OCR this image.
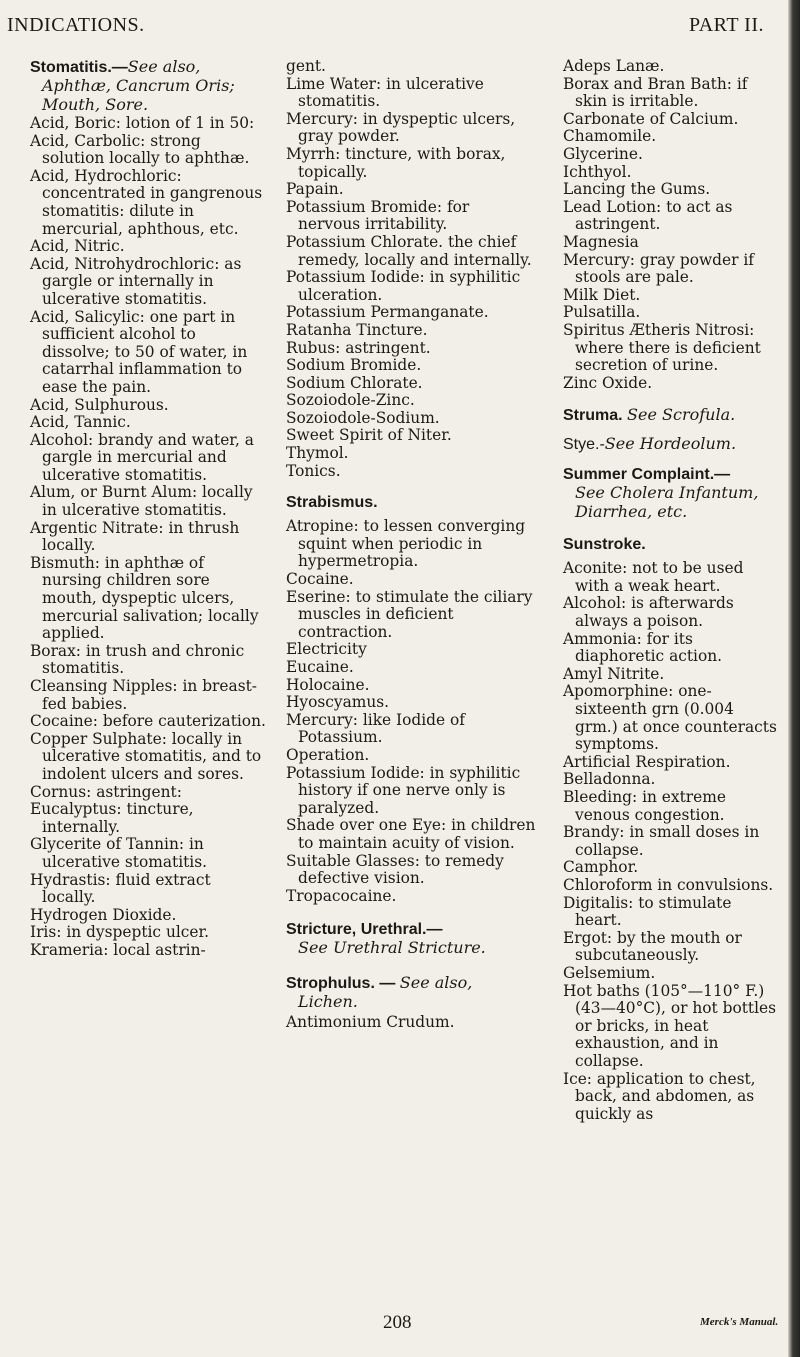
INDICATIONS.	PART II.
Stomatitis.—See also, Aphthæ, Cancrum Oris; Mouth, Sore.
Acid, Boric: lotion of 1 in 50:
Acid, Carbolic: strong solution locally to aphthæ.
Acid, Hydrochloric: concentrated in gangrenous stomatitis: dilute in mercurial, aphthous, etc.
Acid, Nitric.
Acid, Nitrohydrochloric: as gargle or internally in ulcerative stomatitis.
Acid, Salicylic: one part in sufficient alcohol to dissolve; to 50 of water, in catarrhal inflammation to ease the pain.
Acid, Sulphurous.
Acid, Tannic.
Alcohol: brandy and water, a gargle in mercurial and ulcerative stomatitis.
Alum, or Burnt Alum: locally in ulcerative stomatitis.
Argentic Nitrate: in thrush locally.
Bismuth: in aphthæ of nursing children sore mouth, dyspeptic ulcers, mercurial salivation; locally applied.
Borax: in trush and chronic stomatitis.
Cleansing Nipples: in breast-fed babies.
Cocaine: before cauterization.
Copper Sulphate: locally in ulcerative stomatitis, and to indolent ulcers and sores.
Cornus: astringent:
Eucalyptus: tincture, internally.
Glycerite of Tannin: in ulcerative stomatitis.
Hydrastis: fluid extract locally.
Hydrogen Dioxide.
Iris: in dyspeptic ulcer.
Krameria: local astrin-
gent.
Lime Water: in ulcerative stomatitis.
Mercury: in dyspeptic ulcers, gray powder.
Myrrh: tincture, with borax, topically.
Papain.
Potassium Bromide: for nervous irritability.
Potassium Chlorate. the chief remedy, locally and internally.
Potassium Iodide: in syphilitic ulceration.
Potassium Permanganate.
Ratanha Tincture.
Rubus: astringent.
Sodium Bromide.
Sodium Chlorate.
Sozoiodole-Zinc.
Sozoiodole-Sodium.
Sweet Spirit of Niter.
Thymol.
Tonics.
Strabismus.
Atropine: to lessen converging squint when periodic in hypermetropia.
Cocaine.
Eserine: to stimulate the ciliary muscles in deficient contraction.
Electricity
Eucaine.
Holocaine.
Hyoscyamus.
Mercury: like Iodide of Potassium.
Operation.
Potassium Iodide: in syphilitic history if one nerve only is paralyzed.
Shade over one Eye: in children to maintain acuity of vision.
Suitable Glasses: to remedy defective vision.
Tropacocaine.
Stricture, Urethral.—
See Urethral Stricture.
Strophulus. — See also, Lichen.
Antimonium Crudum.
Adeps Lanæ.
Borax and Bran Bath: if skin is irritable.
Carbonate of Calcium.
Chamomile.
Glycerine.
Ichthyol.
Lancing the Gums.
Lead Lotion: to act as astringent.
Magnesia
Mercury: gray powder if stools are pale.
Milk Diet.
Pulsatilla.
Spiritus Ætheris Nitrosi: where there is deficient secretion of urine.
Zinc Oxide.
Struma. See Scrofula.
Stye.-See Hordeolum.
Summer Complaint.—
See Cholera Infantum, Diarrhea, etc.
Sunstroke.
Aconite: not to be used with a weak heart.
Alcohol: is afterwards always a poison.
Ammonia: for its diaphoretic action.
Amyl Nitrite.
Apomorphine: one-sixteenth grn (0.004 grm.) at once counteracts symptoms.
Artificial Respiration.
Belladonna.
Bleeding: in extreme venous congestion.
Brandy: in small doses in collapse.
Camphor.
Chloroform in convulsions.
Digitalis: to stimulate heart.
Ergot: by the mouth or subcutaneously.
Gelsemium.
Hot baths (105°—110° F.) (43—40°C), or hot bottles or bricks, in heat exhaustion, and in collapse.
Ice: application to chest, back, and abdomen, as quickly as
208	Merck's Manual.
